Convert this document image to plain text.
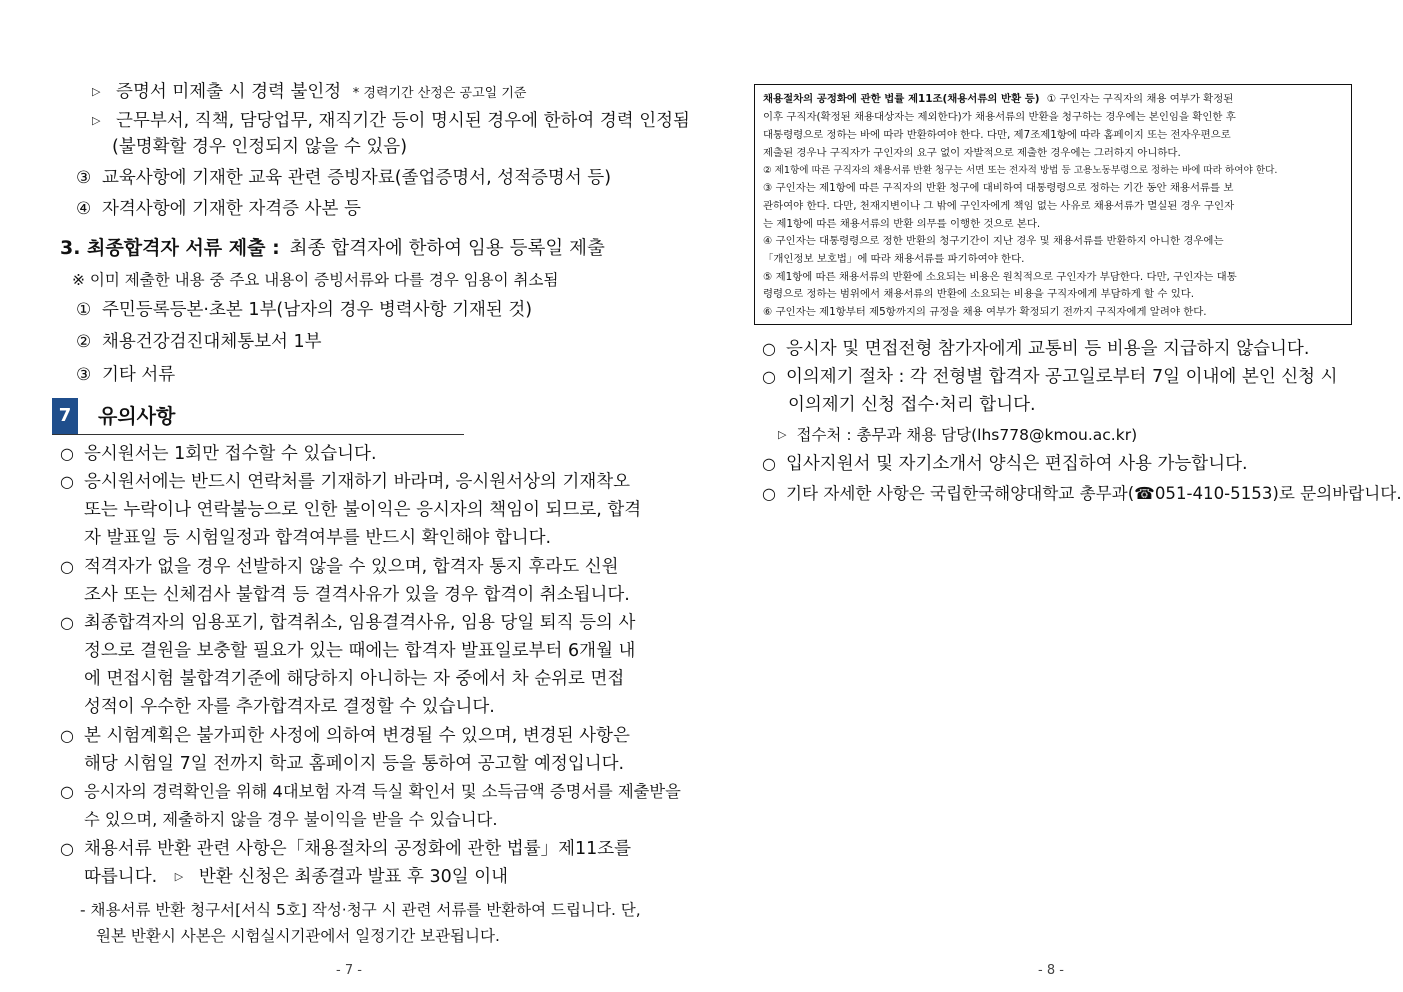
▷ 증명서 미제출 시 경력 불인정 * 경력기간 산정은 공고일 기준
▷ 근무부서, 직책, 담당업무, 재직기간 등이 명시된 경우에 한하여 경력 인정됨
(불명확할 경우 인정되지 않을 수 있음)
③ 교육사항에 기재한 교육 관련 증빙자료(졸업증명서, 성적증명서 등)
④ 자격사항에 기재한 자격증 사본 등
3. 최종합격자 서류 제출 : 최종 합격자에 한하여 임용 등록일 제출
※ 이미 제출한 내용 중 주요 내용이 증빙서류와 다를 경우 임용이 취소됨
① 주민등록등본·초본 1부(남자의 경우 병력사항 기재된 것)
② 채용건강검진대체통보서 1부
③ 기타 서류
7	유의사항
○ 응시원서는 1회만 접수할 수 있습니다.
○ 응시원서에는 반드시 연락처를 기재하기 바라며, 응시원서상의 기재착오
또는 누락이나 연락불능으로 인한 불이익은 응시자의 책임이 되므로, 합격
자 발표일 등 시험일정과 합격여부를 반드시 확인해야 합니다.
○ 적격자가 없을 경우 선발하지 않을 수 있으며, 합격자 통지 후라도 신원
조사 또는 신체검사 불합격 등 결격사유가 있을 경우 합격이 취소됩니다.
○ 최종합격자의 임용포기, 합격취소, 임용결격사유, 임용 당일 퇴직 등의 사
정으로 결원을 보충할 필요가 있는 때에는 합격자 발표일로부터 6개월 내
에 면접시험 불합격기준에 해당하지 아니하는 자 중에서 차 순위로 면접
성적이 우수한 자를 추가합격자로 결정할 수 있습니다.
○ 본 시험계획은 불가피한 사정에 의하여 변경될 수 있으며, 변경된 사항은
해당 시험일 7일 전까지 학교 홈페이지 등을 통하여 공고할 예정입니다.
○ 응시자의 경력확인을 위해 4대보험 자격 득실 확인서 및 소득금액 증명서를 제출받을
수 있으며, 제출하지 않을 경우 불이익을 받을 수 있습니다.
○ 채용서류 반환 관련 사항은「채용절차의 공정화에 관한 법률」제11조를
따릅니다. ▷ 반환 신청은 최종결과 발표 후 30일 이내
- 채용서류 반환 청구서[서식 5호] 작성·청구 시 관련 서류를 반환하여 드립니다. 단,
원본 반환시 사본은 시험실시기관에서 일정기간 보관됩니다.
- 7 -
채용절차의 공정화에 관한 법률 제11조(채용서류의 반환 등) ① 구인자는 구직자의 채용 여부가 확정된
이후 구직자(확정된 채용대상자는 제외한다)가 채용서류의 반환을 청구하는 경우에는 본인임을 확인한 후
대통령령으로 정하는 바에 따라 반환하여야 한다. 다만, 제7조제1항에 따라 홈페이지 또는 전자우편으로
제출된 경우나 구직자가 구인자의 요구 없이 자발적으로 제출한 경우에는 그러하지 아니하다.
② 제1항에 따른 구직자의 채용서류 반환 청구는 서면 또는 전자적 방법 등 고용노동부령으로 정하는 바에 따라 하여야 한다.
③ 구인자는 제1항에 따른 구직자의 반환 청구에 대비하여 대통령령으로 정하는 기간 동안 채용서류를 보
관하여야 한다. 다만, 천재지변이나 그 밖에 구인자에게 책임 없는 사유로 채용서류가 멸실된 경우 구인자
는 제1항에 따른 채용서류의 반환 의무를 이행한 것으로 본다.
④ 구인자는 대통령령으로 정한 반환의 청구기간이 지난 경우 및 채용서류를 반환하지 아니한 경우에는
「개인정보 보호법」에 따라 채용서류를 파기하여야 한다.
⑤ 제1항에 따른 채용서류의 반환에 소요되는 비용은 원칙적으로 구인자가 부담한다. 다만, 구인자는 대통
령령으로 정하는 범위에서 채용서류의 반환에 소요되는 비용을 구직자에게 부담하게 할 수 있다.
⑥ 구인자는 제1항부터 제5항까지의 규정을 채용 여부가 확정되기 전까지 구직자에게 알려야 한다.
○ 응시자 및 면접전형 참가자에게 교통비 등 비용을 지급하지 않습니다.
○ 이의제기 절차 : 각 전형별 합격자 공고일로부터 7일 이내에 본인 신청 시
이의제기 신청 접수·처리 합니다.
▷ 접수처 : 총무과 채용 담당(lhs778@kmou.ac.kr)
○ 입사지원서 및 자기소개서 양식은 편집하여 사용 가능합니다.
○ 기타 자세한 사항은 국립한국해양대학교 총무과(☎051-410-5153)로 문의바랍니다.
- 8 -
